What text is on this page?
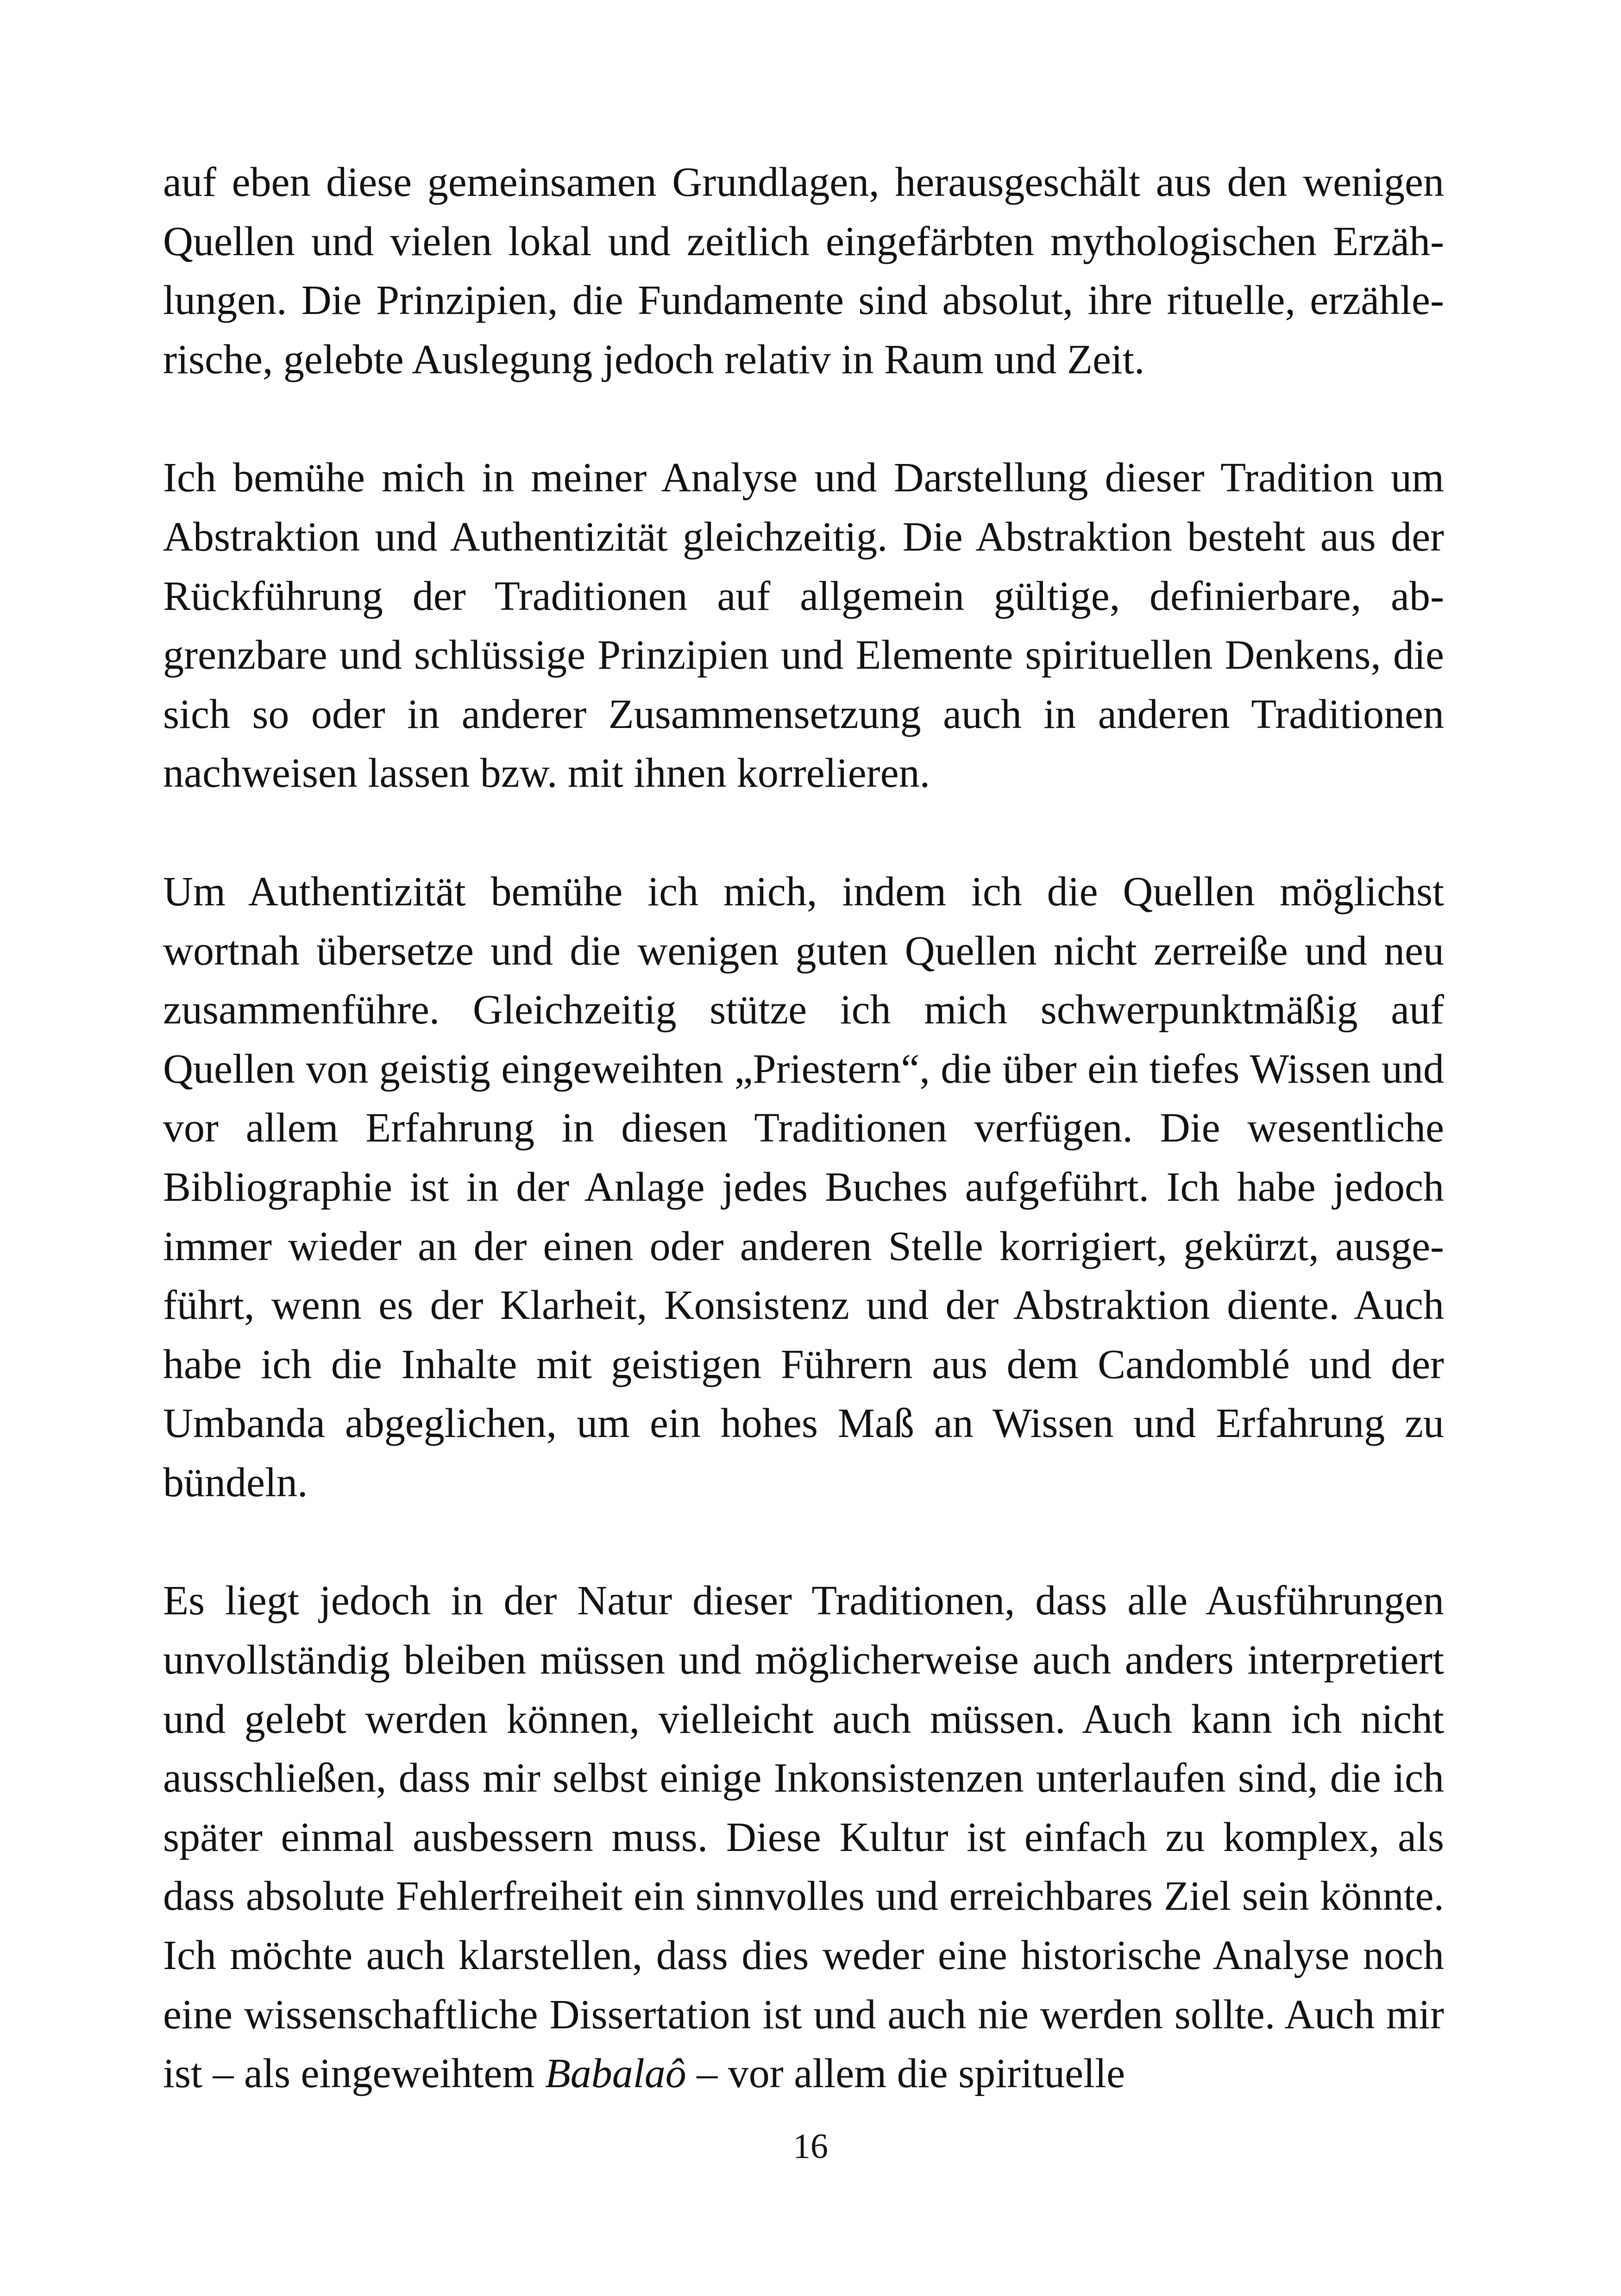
auf eben diese gemeinsamen Grundlagen, herausgeschält aus den wenigen Quellen und vielen lokal und zeitlich eingefärbten mythologischen Erzählungen. Die Prinzipien, die Fundamente sind absolut, ihre rituelle, erzählerische, gelebte Auslegung jedoch relativ in Raum und Zeit.

Ich bemühe mich in meiner Analyse und Darstellung dieser Tradition um Abstraktion und Authentizität gleichzeitig. Die Abstraktion besteht aus der Rückführung der Traditionen auf allgemein gültige, definierbare, abgrenzbare und schlüssige Prinzipien und Elemente spirituellen Denkens, die sich so oder in anderer Zusammensetzung auch in anderen Traditionen nachweisen lassen bzw. mit ihnen korrelieren.

Um Authentizität bemühe ich mich, indem ich die Quellen möglichst wortnah übersetze und die wenigen guten Quellen nicht zerreiße und neu zusammenführe. Gleichzeitig stütze ich mich schwerpunktmäßig auf Quellen von geistig eingeweihten „Priestern“, die über ein tiefes Wissen und vor allem Erfahrung in diesen Traditionen verfügen. Die wesentliche Bibliographie ist in der Anlage jedes Buches aufgeführt. Ich habe jedoch immer wieder an der einen oder anderen Stelle korrigiert, gekürzt, ausgeführt, wenn es der Klarheit, Konsistenz und der Abstraktion diente. Auch habe ich die Inhalte mit geistigen Führern aus dem Candomblé und der Umbanda abgeglichen, um ein hohes Maß an Wissen und Erfahrung zu bündeln.

Es liegt jedoch in der Natur dieser Traditionen, dass alle Ausführungen unvollständig bleiben müssen und möglicherweise auch anders interpretiert und gelebt werden können, vielleicht auch müssen. Auch kann ich nicht ausschließen, dass mir selbst einige Inkonsistenzen unterlaufen sind, die ich später einmal ausbessern muss. Diese Kultur ist einfach zu komplex, als dass absolute Fehlerfreiheit ein sinnvolles und erreichbares Ziel sein könnte. Ich möchte auch klarstellen, dass dies weder eine historische Analyse noch eine wissenschaftliche Dissertation ist und auch nie werden sollte. Auch mir ist – als eingeweihtem Babalaô – vor allem die spirituelle

16
